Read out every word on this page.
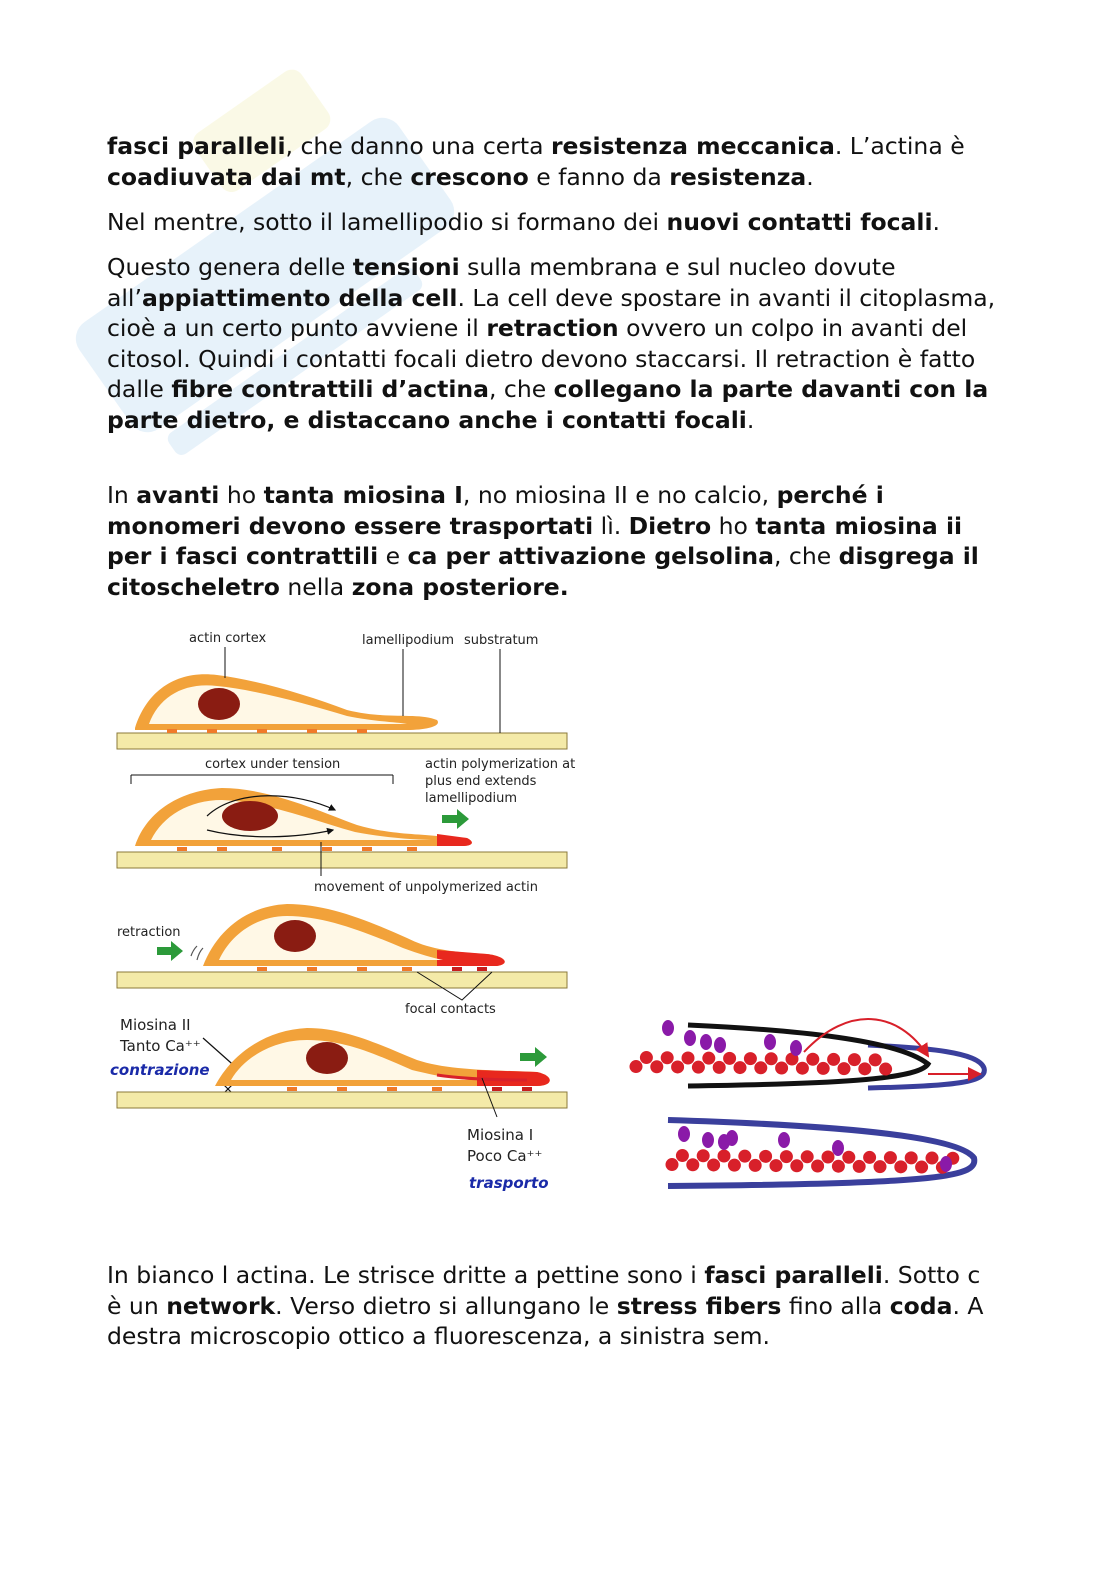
fasci paralleli, che danno una certa resistenza meccanica. L’actina è coadiuvata dai mt, che crescono e fanno da resistenza.

Nel mentre, sotto il lamellipodio si formano dei nuovi contatti focali.

Questo genera delle tensioni sulla membrana e sul nucleo dovute all’appiattimento della cell. La cell deve spostare in avanti il citoplasma, cioè a un certo punto avviene il retraction ovvero un colpo in avanti del citosol. Quindi i contatti focali dietro devono staccarsi. Il retraction è fatto dalle fibre contrattili d’actina, che collegano la parte davanti con la parte dietro, e distaccano anche i contatti focali.

In avanti ho tanta miosina I, no miosina II e no calcio, perché i monomeri devono essere trasportati lì. Dietro ho tanta miosina ii per i fasci contrattili e ca per attivazione gelsolina, che disgrega il citoscheletro nella zona posteriore.

actin cortex	lamellipodium substratum
cortex under tension	actin polymerization at
plus end extends
lamellipodium
movement of unpolymerized actin
retraction
focal contacts
Miosina II
Tanto Ca⁺⁺
contrazione
Miosina I
Poco Ca⁺⁺
trasporto

In bianco l actina. Le strisce dritte a pettine sono i fasci paralleli. Sotto c è un network. Verso dietro si allungano le stress fibers fino alla coda. A destra microscopio ottico a fluorescenza, a sinistra sem.
